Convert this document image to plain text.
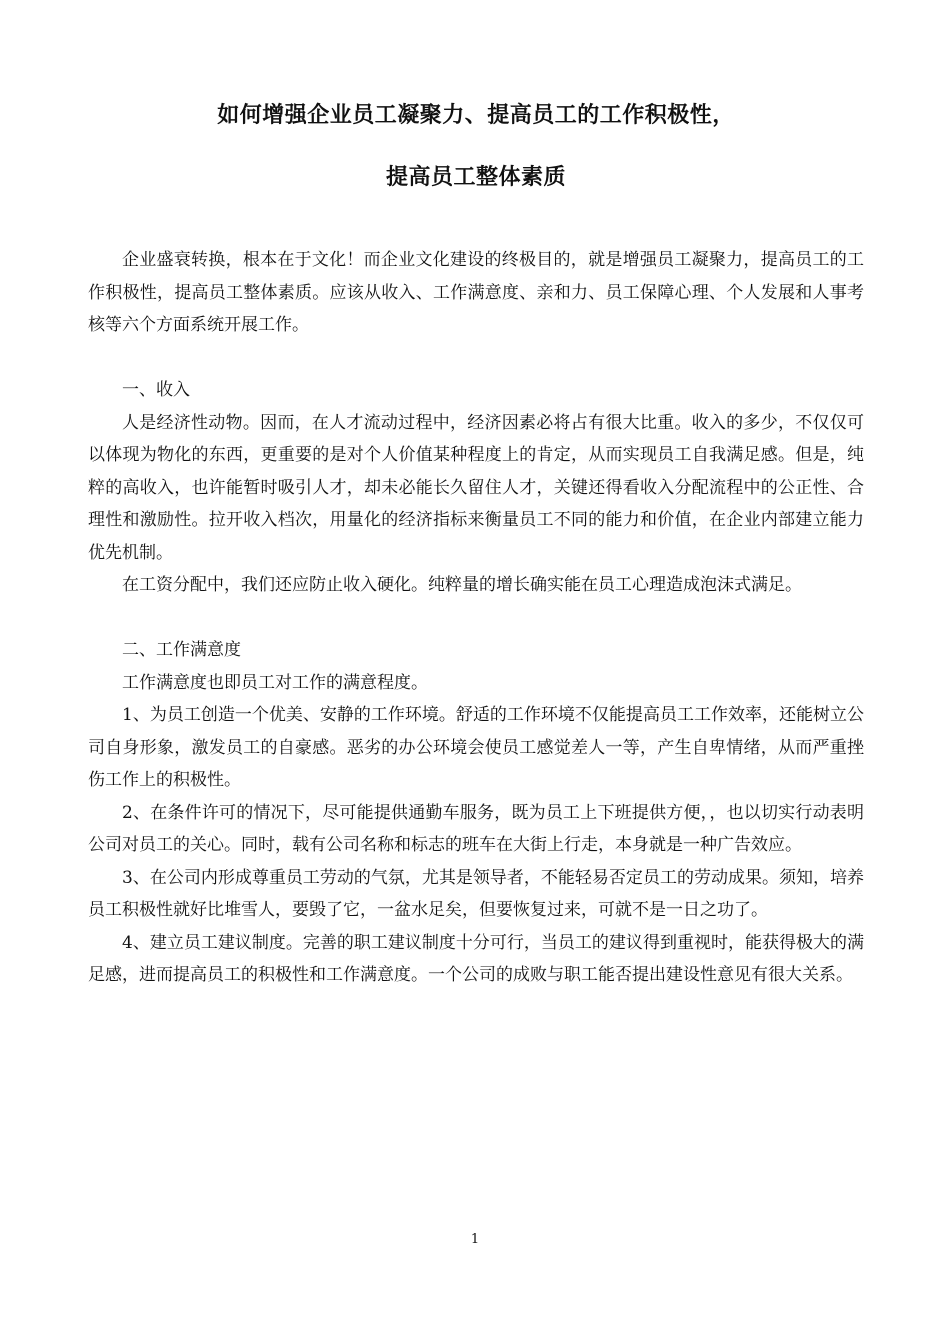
如何增强企业员工凝聚力、提高员工的工作积极性，
提高员工整体素质

企业盛衰转换，根本在于文化！而企业文化建设的终极目的，就是增强员工凝聚力，提高员工的工作积极性，提高员工整体素质。应该从收入、工作满意度、亲和力、员工保障心理、个人发展和人事考核等六个方面系统开展工作。

一、收入

人是经济性动物。因而，在人才流动过程中，经济因素必将占有很大比重。收入的多少，不仅仅可以体现为物化的东西，更重要的是对个人价值某种程度上的肯定，从而实现员工自我满足感。但是，纯粹的高收入，也许能暂时吸引人才，却未必能长久留住人才，关键还得看收入分配流程中的公正性、合理性和激励性。拉开收入档次，用量化的经济指标来衡量员工不同的能力和价值，在企业内部建立能力优先机制。

在工资分配中，我们还应防止收入硬化。纯粹量的增长确实能在员工心理造成泡沫式满足。

二、工作满意度

工作满意度也即员工对工作的满意程度。

1、为员工创造一个优美、安静的工作环境。舒适的工作环境不仅能提高员工工作效率，还能树立公司自身形象，激发员工的自豪感。恶劣的办公环境会使员工感觉差人一等，产生自卑情绪，从而严重挫伤工作上的积极性。

2、在条件许可的情况下，尽可能提供通勤车服务，既为员工上下班提供方便，，也以切实行动表明公司对员工的关心。同时，载有公司名称和标志的班车在大街上行走，本身就是一种广告效应。

3、在公司内形成尊重员工劳动的气氛，尤其是领导者，不能轻易否定员工的劳动成果。须知，培养员工积极性就好比堆雪人，要毁了它，一盆水足矣，但要恢复过来，可就不是一日之功了。

4、建立员工建议制度。完善的职工建议制度十分可行，当员工的建议得到重视时，能获得极大的满足感，进而提高员工的积极性和工作满意度。一个公司的成败与职工能否提出建设性意见有很大关系。

1
